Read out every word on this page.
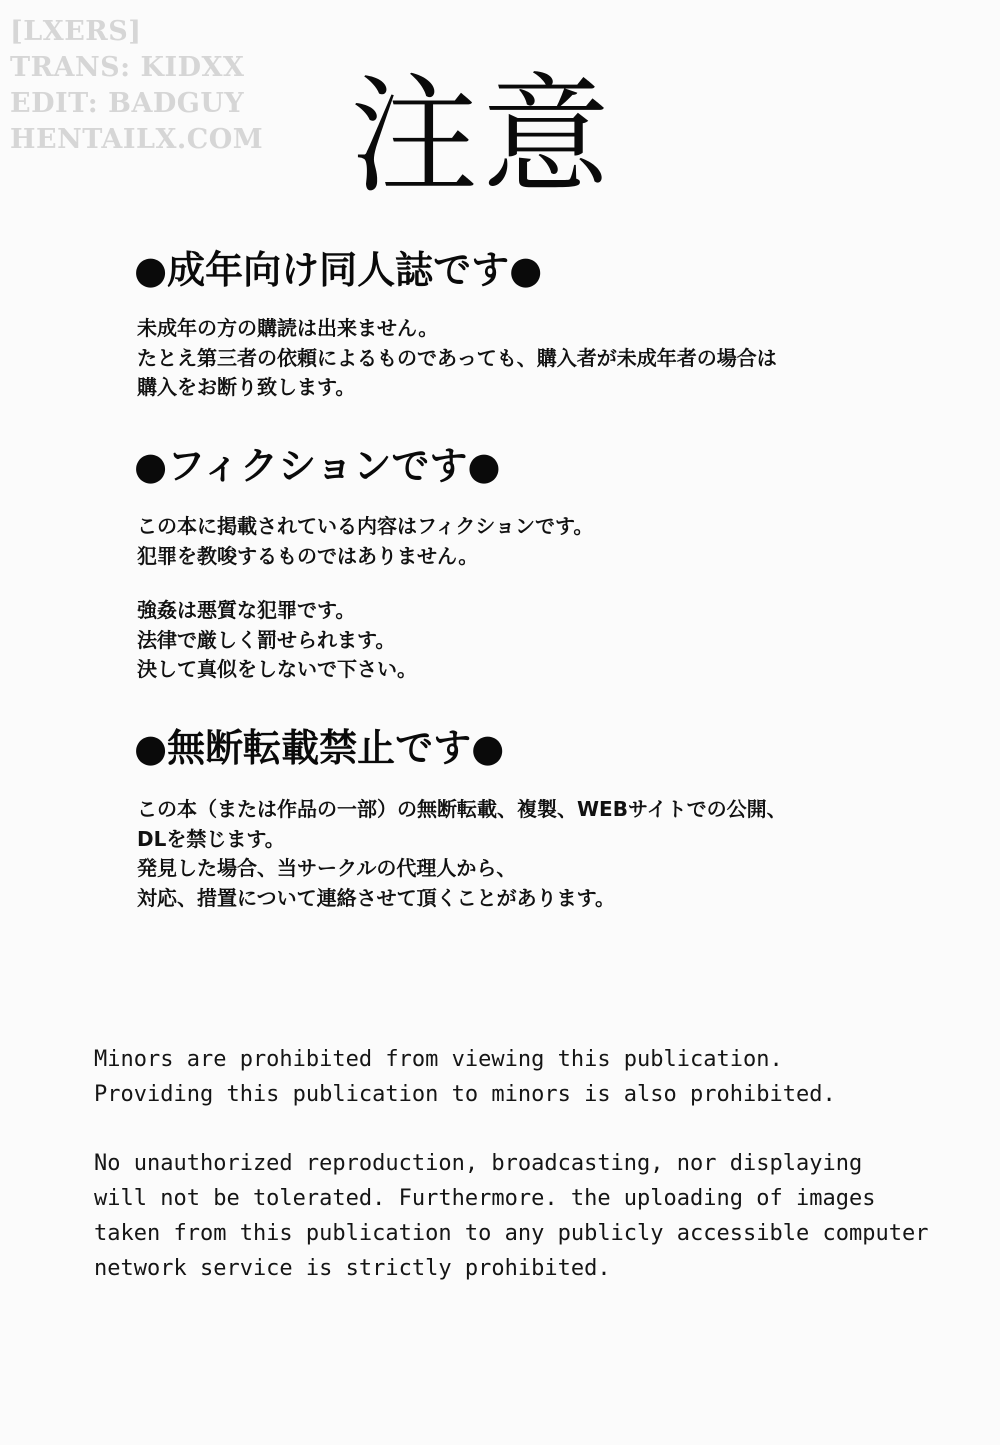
[LXERS]
TRANS: KIDXX
EDIT: BADGUY
HENTAILX.COM 注意
●成年向け同人誌です●
未成年の方の購読は出来ません。
たとえ第三者の依頼によるものであっても、購入者が未成年者の場合は
購入をお断り致します。
●フィクションです●
この本に掲載されている内容はフィクションです。
犯罪を教唆するものではありません。
強姦は悪質な犯罪です。
法律で厳しく罰せられます。
決して真似をしないで下さい。
●無断転載禁止です●
この本（または作品の一部）の無断転載、複製、WEBサイトでの公開、
DLを禁じます。
発見した場合、当サークルの代理人から、
対応、措置について連絡させて頂くことがあります。
Minors are prohibited from viewing this publication.
Providing this publication to minors is also prohibited.
No unauthorized reproduction, broadcasting, nor displaying
will not be tolerated. Furthermore. the uploading of images
taken from this publication to any publicly accessible computer
network service is strictly prohibited.
